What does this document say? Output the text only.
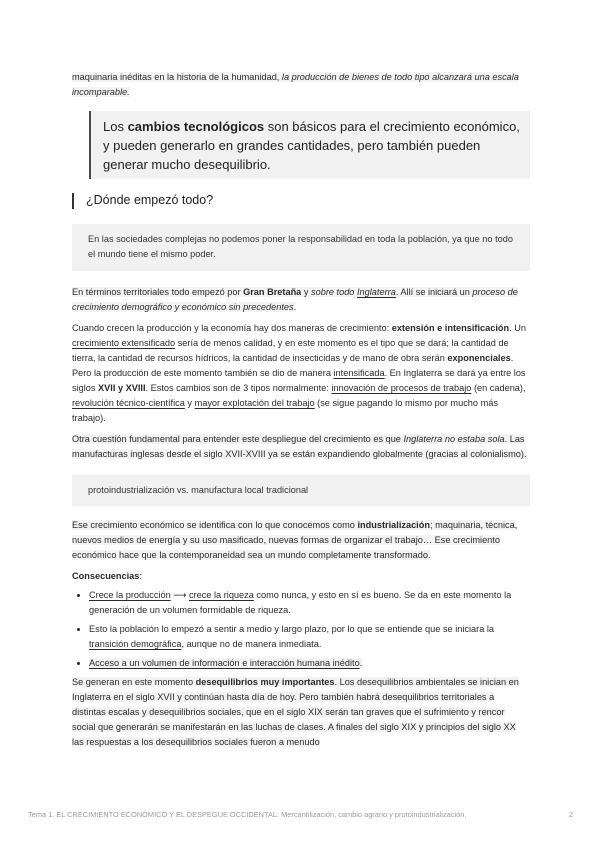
maquinaria inéditas en la historia de la humanidad, la producción de bienes de todo tipo alcanzará una escala incomparable.

Los cambios tecnológicos son básicos para el crecimiento económico, y pueden generarlo en grandes cantidades, pero también pueden generar mucho desequilibrio.

¿Dónde empezó todo?

En las sociedades complejas no podemos poner la responsabilidad en toda la población, ya que no todo el mundo tiene el mismo poder.

En términos territoriales todo empezó por Gran Bretaña y sobre todo Inglaterra. Allí se iniciará un proceso de crecimiento demográfico y económico sin precedentes.

Cuando crecen la producción y la economía hay dos maneras de crecimiento: extensión e intensificación. Un crecimiento extensificado sería de menos calidad, y en este momento es el tipo que se dará; la cantidad de tierra, la cantidad de recursos hídricos, la cantidad de insecticidas y de mano de obra serán exponenciales. Pero la producción de este momento también se dio de manera intensificada. En Inglaterra se dará ya entre los siglos XVII y XVIII. Estos cambios son de 3 tipos normalmente: innovación de procesos de trabajo (en cadena), revolución técnico-científica y mayor explotación del trabajo (se sigue pagando lo mismo por mucho más trabajo).

Otra cuestión fundamental para entender este despliegue del crecimiento es que Inglaterra no estaba sola. Las manufacturas inglesas desde el siglo XVII-XVIII ya se están expandiendo globalmente (gracias al colonialismo).

protoindustrialización vs. manufactura local tradicional

Ese crecimiento económico se identifica con lo que conocemos como industrialización; maquinaria, técnica, nuevos medios de energía y su uso masificado, nuevas formas de organizar el trabajo… Ese crecimiento económico hace que la contemporaneidad sea un mundo completamente transformado.

Consecuencias:

• Crece la producción ⟶ crece la riqueza como nunca, y esto en sí es bueno. Se da en este momento la generación de un volumen formidable de riqueza.
• Esto la población lo empezó a sentir a medio y largo plazo, por lo que se entiende que se iniciara la transición demográfica, aunque no de manera inmediata.
• Acceso a un volumen de información e interacción humana inédito.

Se generan en este momento desequilibrios muy importantes. Los desequilibrios ambientales se inician en Inglaterra en el siglo XVII y continúan hasta día de hoy. Pero también habrá desequilibrios territoriales a distintas escalas y desequilibrios sociales, que en el siglo XIX serán tan graves que el sufrimiento y rencor social que generarán se manifestarán en las luchas de clases. A finales del siglo XIX y principios del siglo XX las respuestas a los desequilibrios sociales fueron a menudo

Tema 1. EL CRECIMIENTO ECONÓMICO Y EL DESPEGUE OCCIDENTAL: Mercantilización, cambio agrario y protoindustrialización.	2
